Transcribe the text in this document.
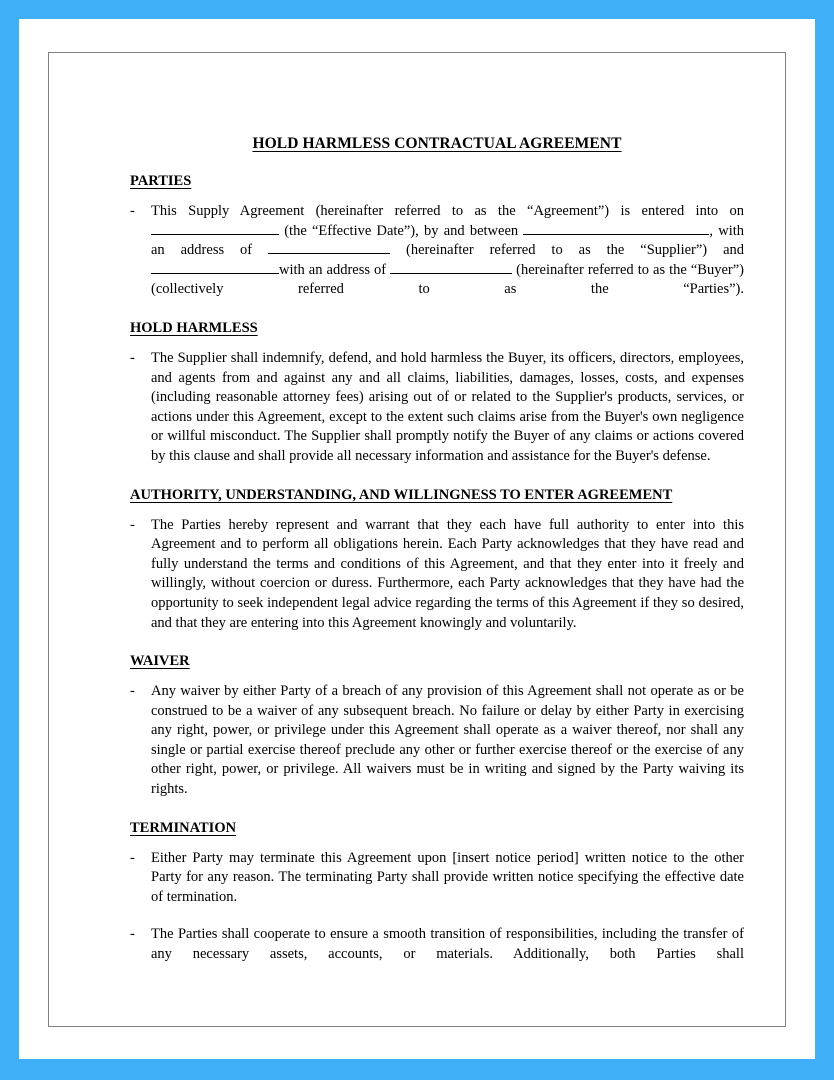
HOLD HARMLESS CONTRACTUAL AGREEMENT
PARTIES
-	This Supply Agreement (hereinafter referred to as the “Agreement”) is entered into on  (the “Effective Date”), by and between	, with an address of	(hereinafter referred to as the “Supplier”) and with an address of	(hereinafter referred to as the “Buyer”) (collectively referred to as the “Parties”).
HOLD HARMLESS
-	The Supplier shall indemnify, defend, and hold harmless the Buyer, its officers, directors, employees, and agents from and against any and all claims, liabilities, damages, losses, costs, and expenses (including reasonable attorney fees) arising out of or related to the Supplier's products, services, or actions under this Agreement, except to the extent such claims arise from the Buyer's own negligence or willful misconduct. The Supplier shall promptly notify the Buyer of any claims or actions covered by this clause and shall provide all necessary information and assistance for the Buyer's defense.
AUTHORITY, UNDERSTANDING, AND WILLINGNESS TO ENTER AGREEMENT
-	The Parties hereby represent and warrant that they each have full authority to enter into this Agreement and to perform all obligations herein. Each Party acknowledges that they have read and fully understand the terms and conditions of this Agreement, and that they enter into it freely and willingly, without coercion or duress. Furthermore, each Party acknowledges that they have had the opportunity to seek independent legal advice regarding the terms of this Agreement if they so desired, and that they are entering into this Agreement knowingly and voluntarily.
WAIVER
-	Any waiver by either Party of a breach of any provision of this Agreement shall not operate as or be construed to be a waiver of any subsequent breach. No failure or delay by either Party in exercising any right, power, or privilege under this Agreement shall operate as a waiver thereof, nor shall any single or partial exercise thereof preclude any other or further exercise thereof or the exercise of any other right, power, or privilege. All waivers must be in writing and signed by the Party waiving its rights.
TERMINATION
-	Either Party may terminate this Agreement upon [insert notice period] written notice to the other Party for any reason. The terminating Party shall provide written notice specifying the effective date of termination.
-	The Parties shall cooperate to ensure a smooth transition of responsibilities, including the transfer of any necessary assets, accounts, or materials. Additionally, both Parties shall
